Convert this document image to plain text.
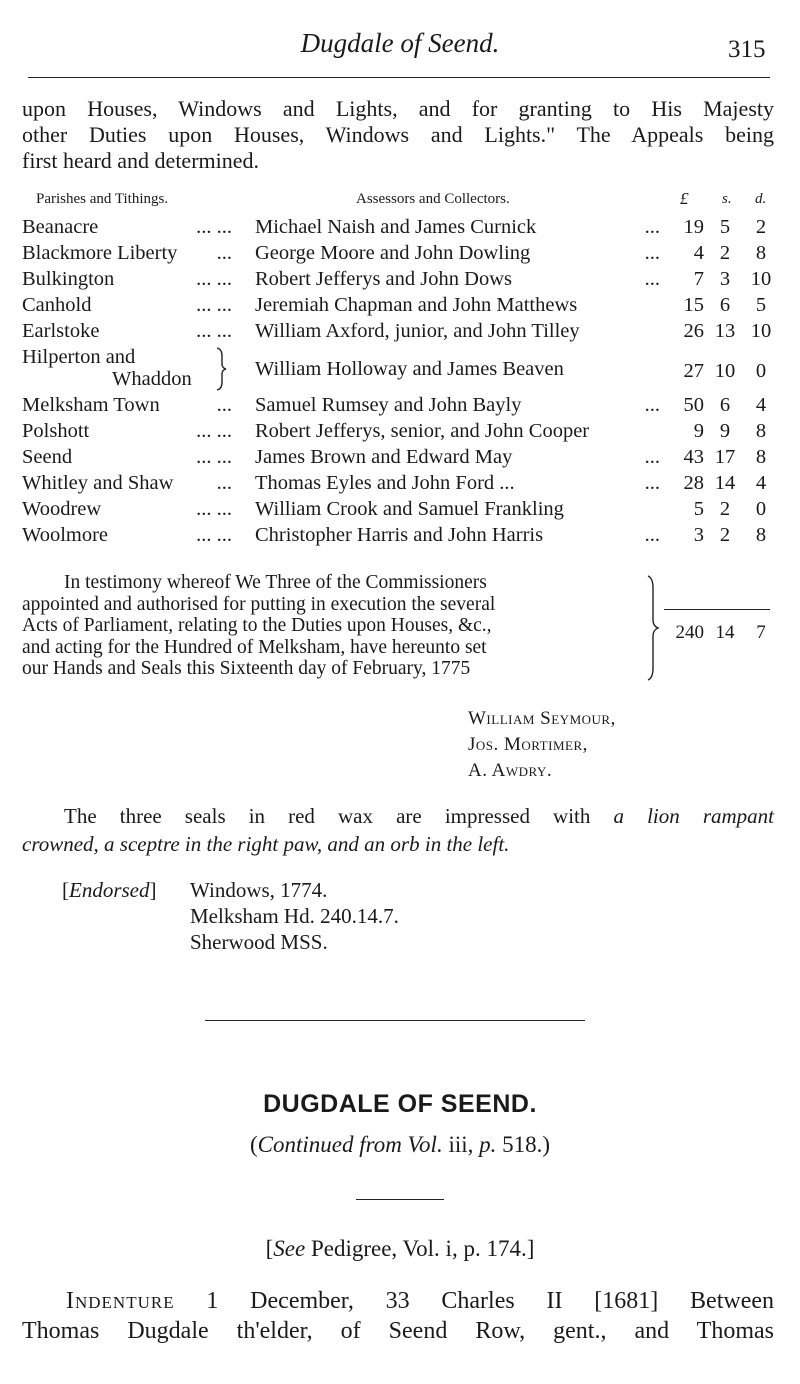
Dugdale of Seend.	315
upon Houses, Windows and Lights, and for granting to His Majesty
other Duties upon Houses, Windows and Lights." The Appeals being
first heard and determined.
Parishes and Tithings.	Assessors and Collectors.	£ s. d.
Beanacre	... ... Michael Naish and James Curnick	...	19 5	2
Blackmore Liberty	... George Moore and John Dowling	...	4 2	8
Bulkington	... ... Robert Jefferys and John Dows	...	7 3	10
Canhold	... ... Jeremiah Chapman and John Matthews	15 6	5
Earlstoke	... ... William Axford, junior, and John Tilley	26 13 10
Hilperton and
Whaddon	William Holloway and James Beaven	27 10	0
Melksham Town	... Samuel Rumsey and John Bayly	...	50 6	4
Polshott	... ... Robert Jefferys, senior, and John Cooper	9 9	8
Seend	... ... James Brown and Edward May	...	43 17	8
Whitley and Shaw	... Thomas Eyles and John Ford ...	...	28 14	4
Woodrew	... ... William Crook and Samuel Frankling	5 2	0
Woolmore	... ... Christopher Harris and John Harris	...	3 2	8
In testimony whereof We Three of the Commissioners
appointed and authorised for putting in execution the several
Acts of Parliament, relating to the Duties upon Houses, &c.,
and acting for the Hundred of Melksham, have hereunto set
our Hands and Seals this Sixteenth day of February, 1775
240 14	7
William Seymour,
Jos. Mortimer,
A. Awdry.
The three seals in red wax are impressed with a lion rampant
crowned, a sceptre in the right paw, and an orb in the left.
[Endorsed] Windows, 1774.
Melksham Hd. 240.14.7.
Sherwood MSS.
DUGDALE OF SEEND.
(Continued from Vol. iii, p. 518.)
[See Pedigree, Vol. i, p. 174.]
Indenture 1 December, 33 Charles II [1681] Between
Thomas Dugdale th'elder, of Seend Row, gent., and Thomas
